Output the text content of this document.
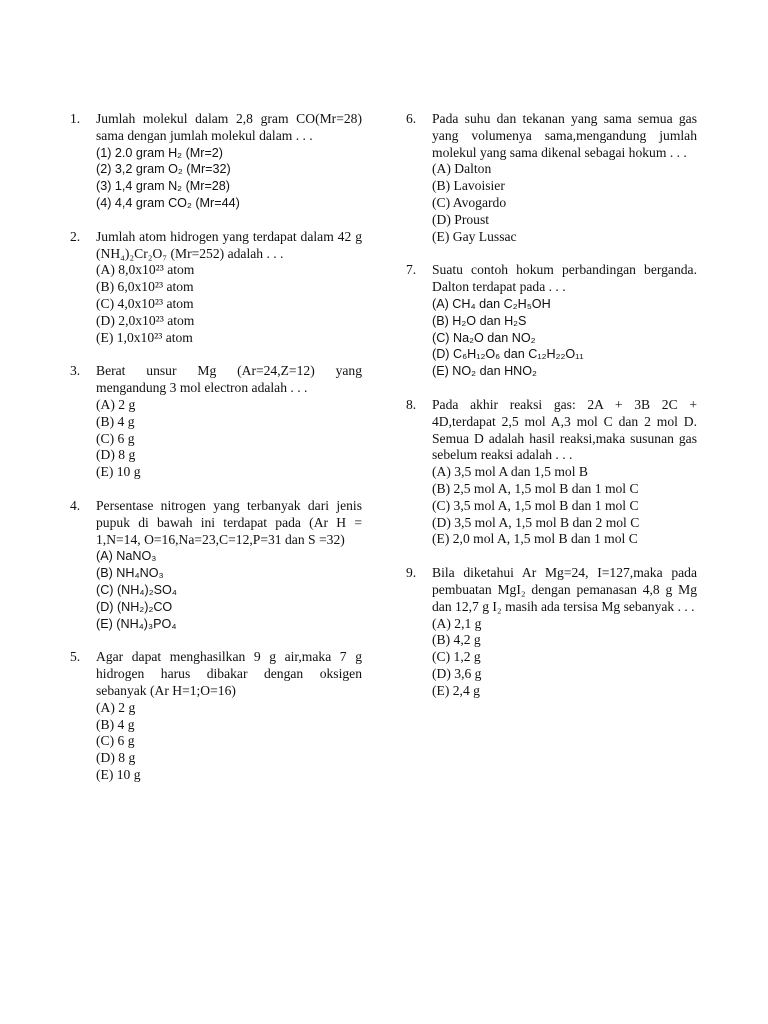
1. Jumlah molekul dalam 2,8 gram CO(Mr=28) sama dengan jumlah molekul dalam . . .
(1) 2.0 gram H₂ (Mr=2)
(2) 3,2 gram O₂ (Mr=32)
(3) 1,4 gram N₂ (Mr=28)
(4) 4,4 gram CO₂ (Mr=44)
2. Jumlah atom hidrogen yang terdapat dalam 42 g (NH₄)₂Cr₂O₇ (Mr=252) adalah . . .
(A) 8,0x10²³ atom
(B) 6,0x10²³ atom
(C) 4,0x10²³ atom
(D) 2,0x10²³ atom
(E) 1,0x10²³ atom
3. Berat unsur Mg (Ar=24,Z=12) yang mengandung 3 mol electron adalah . . .
(A) 2 g
(B) 4 g
(C) 6 g
(D) 8 g
(E) 10 g
4. Persentase nitrogen yang terbanyak dari jenis pupuk di bawah ini terdapat pada (Ar H = 1,N=14, O=16,Na=23,C=12,P=31 dan S =32)
(A) NaNO₃
(B) NH₄NO₃
(C) (NH₄)₂SO₄
(D) (NH₂)₂CO
(E) (NH₄)₃PO₄
5. Agar dapat menghasilkan 9 g air,maka 7 g hidrogen harus dibakar dengan oksigen sebanyak (Ar H=1;O=16)
(A) 2 g
(B) 4 g
(C) 6 g
(D) 8 g
(E) 10 g
6. Pada suhu dan tekanan yang sama semua gas yang volumenya sama,mengandung jumlah molekul yang sama dikenal sebagai hokum . . .
(A) Dalton
(B) Lavoisier
(C) Avogardo
(D) Proust
(E) Gay Lussac
7. Suatu contoh hokum perbandingan berganda. Dalton terdapat pada . . .
(A) CH₄ dan C₂H₅OH
(B) H₂O dan H₂S
(C) Na₂O dan NO₂
(D) C₆H₁₂O₆ dan C₁₂H₂₂O₁₁
(E) NO₂ dan HNO₂
8. Pada akhir reaksi gas: 2A + 3B 2C + 4D,terdapat 2,5 mol A,3 mol C dan 2 mol D. Semua D adalah hasil reaksi,maka susunan gas sebelum reaksi adalah . . .
(A) 3,5 mol A dan 1,5 mol B
(B) 2,5 mol A, 1,5 mol B dan 1 mol C
(C) 3,5 mol A, 1,5 mol B dan 1 mol C
(D) 3,5 mol A, 1,5 mol B dan 2 mol C
(E) 2,0 mol A, 1,5 mol B dan 1 mol C
9. Bila diketahui Ar Mg=24, I=127,maka pada pembuatan MgI₂ dengan pemanasan 4,8 g Mg dan 12,7 g I₂ masih ada tersisa Mg sebanyak . . .
(A) 2,1 g
(B) 4,2 g
(C) 1,2 g
(D) 3,6 g
(E) 2,4 g
